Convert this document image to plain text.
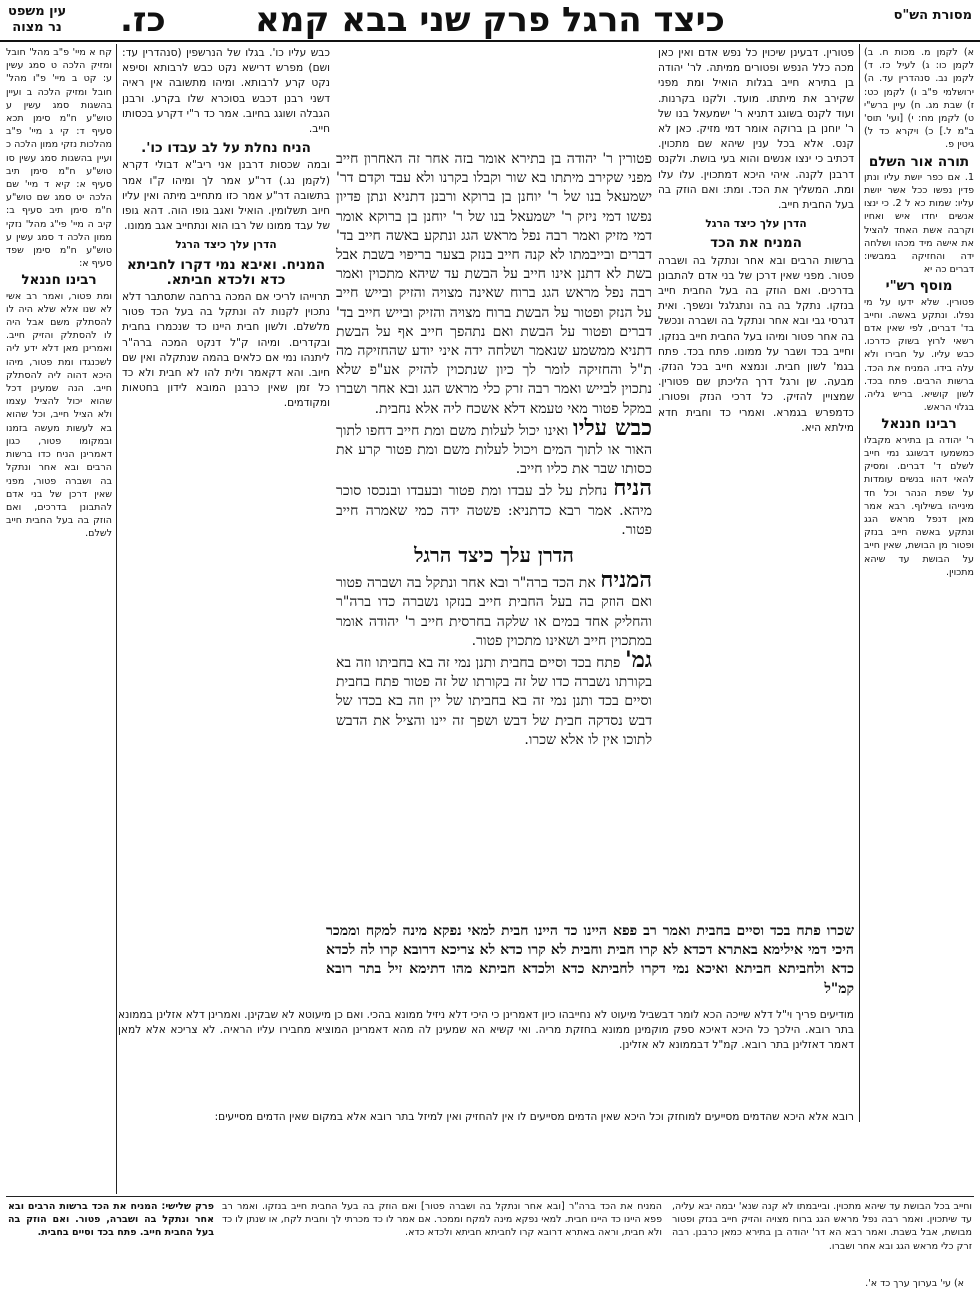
מסורת הש"ס
כיצד הרגל פרק שני בבא קמא
כז.
עין משפט
נר מצוה
א) לקמן מ. מכות ח. ב) לקמן כו: ג) לעיל כז. ד) לקמן נב. סנהדרין עד. ה) ירושלמי פ"ב ו) לקמן כט: ז) שבת מג. ח) עיין ברש"י ט) לקמן מח: י) [ועי' תוס' ב"מ ל.] כ) ויקרא כד ל) גיטין פ.
תורה אור השלם
1. אם כפר יושת עליו ונתן פדין נפשו ככל אשר יושת עליו: שמות כא ל 2. כי ינצו אנשים יחדו איש ואחיו וקרבה אשת האחד להציל את אישה מיד מכהו ושלחה ידה והחזיקה במבשיו: דברים כה יא
מוסף רש"י
פטורין. שלא ידעו על מי נפלו. ונתקע באשה. וחייב בד' דברים, לפי שאין אדם רשאי לרוץ בשוק כדרכו. כבש עליו. על חבירו ולא עלה בידו. המניח את הכד. ברשות הרבים. פתח בכד. לשון קושיא. בריש גליה. בגלוי הראש.
רבינו חננאל
ר' יהודה בן בתירא מקבלו כמשמעו דבשוגג נמי חייב לשלם ד' דברים. ומסיק להאי דהוו בנשים עומדות על שפת הנהר וכל חד מינייהו בשילוף. רבא אמר מאן דנפל מראש הגג ונתקע באשה חייב בנזק ופטור מן הבושת, שאין חייב על הבושת עד שיהא מתכוין.
קח א מיי' פ"ב מהל' חובל ומזיק הלכה ט סמג עשין ע: קט ב מיי' פ"ו מהל' חובל ומזיק הלכה ב ועיין בהשגות סמג עשין ע טוש"ע ח"מ סימן תכא סעיף ד: קי ג מיי' פ"ב מהלכות נזקי ממון הלכה כ ועיין בהשגות סמג עשין סו טוש"ע ח"מ סימן תיב סעיף א: קיא ד מיי' שם הלכה יט סמג שם טוש"ע ח"מ סימן תיב סעיף ב: קיב ה מיי' פי"ג מהל' נזקי ממון הלכה ד סמג עשין ע טוש"ע ח"מ סימן שפד סעיף א:
רבינו חננאל
ומת פטור, ואמר רב אשי לא שנו אלא שלא היה לו להסתלק משם אבל היה לו להסתלק והזיק חייב. ואמרינן מאן דלא ידע ליה לשכנגדו ומת פטור, מיהו היכא דהוה ליה להסתלק חייב. הנה שמעינן דכל שהוא יכול להציל עצמו ולא הציל חייב, וכל שהוא בא לעשות מעשה בזמנו ובמקומו פטור, כגון דאמרינן הניח כדו ברשות הרבים ובא אחר ונתקל בה ושברה פטור, מפני שאין דרכן של בני אדם להתבונן בדרכים, ואם הוזק בה בעל החבית חייב לשלם.
פטורין. דבעינן שיכוין כל נפש אדם ואין כאן מכה כלל הנפש ופטורים ממיתה. לר' יהודה בן בתירא חייב בגלות הואיל ומת מפני שקירב את מיתתו. מועד. ולקנו בקרנות. ועוד לקנס בשוגג דתניא ר' ישמעאל בנו של ר' יוחנן בן ברוקה אומר דמי מזיק. כאן לא קנס. אלא בכל ענין שיהא שם מתכוין. דכתיב כי ינצו אנשים והוא בעי בושת. ולקנס דרבנן לקנה. איהי היכא דמתכוין. עלו עלו ומת. המשליך את הכד. ומת: ואם הוזק בה בעל החבית חייב.
הדרן עלך כיצד הרגל
המניח את הכד
ברשות הרבים ובא אחר ונתקל בה ושברה פטור. מפני שאין דרכן של בני אדם להתבונן בדרכים. ואם הוזק בה בעל החבית חייב בנזקו. נתקל בה בה ונתגלגל ונשפך. ואית דגרסי גבי ובא אחר ונתקל בה ושברה ונכשל בה אחר פטור ומיהו בעל החבית חייב בנזקו. וחייב בכד ושבר על ממונו. פתח בכד. פתח בגמ' לשון חבית. ונמצא חייב בכל הנזק. מבעה. שן ורגל דרך הליכתן שם פטורין. שמצויין להזיק. כל דרכי הנזק ופטורו. כדמפרש בגמרא. ואמרי כד וחבית חדא מילתא היא.
כבש עליו כו'. בגלו של הנרשפין (סנהדרין עד: ושם) מפרש דרישא נקט כבש לרבותא וסיפא נקט קרע לרבותא. ומיהו מתשובה אין ראיה דשני רבנן דכבש בסוכרא שלו בקרע. ורבנן הגבלה ושוגג בחיוב. אמר כד ר"י דקרע בכסותו חייב.
הניח נחלת על לב עבדו כו'.
ובמה שכסות דרבנן אני ריב"א דבולי דקרא (לקמן נג.) דר"ע אמר לך ומיהו ק"ו אמר בתשובה דר"ע אמר כזו מתחייב מיתה ואין עליו חיוב תשלומין. הואיל ואגב גופו הוה. דהא גופו של עבד ממונו של רבו הוא ונתחייב אגב ממונו.
הדרן עלך כיצד הרגל
המניח. ואיבא נמי דקרו לחביתא כדא ולכדא חביתא.
תרוייהו לריכי אם המכה ברחבה שתסתבר דלא נתכוין לקנות לה ונתקל בה בעל הכד פטור מלשלם. ולשון חבית היינו כד שנכמרו בחבית ובקדרים. ומיהו ק"ל דנקט המכה ברה"ר ליתנהו נמי אם כלאים בהמה שנתקלה ואין שם חיוב. והא דקאמר ולית להו לא חבית ולא כד כל זמן שאין כרבנן המובא לידון בחטאות ומקודמים.
פטורין ר' יהודה בן בתירא אומר בזה אחר זה האחרון חייב מפני שקירב מיתתו בא שור וקבלו בקרנו ולא עבד וקדם דר' ישמעאל בנו של ר' יוחנן בן ברוקא ורבנן דתניא ונתן פדיון נפשו דמי ניזק ר' ישמעאל בנו של ר' יוחנן בן ברוקא אומר דמי מזיק ואמר רבה נפל מראש הגג ונתקע באשה חייב בד' דברים ובייבמתו לא קנה חייב בנזק בצער בריפוי בשבת אבל בשת לא דתנן אינו חייב על הבשת עד שיהא מתכוין ואמר רבה נפל מראש הגג ברוח שאינה מצויה והזיק ובייש חייב על הנזק ופטור על הבשת ברוח מצויה והזיק ובייש חייב בד' דברים ופטור על הבשת ואם נתהפך חייב אף על הבשת דתניא ממשמע שנאמר ושלחה ידה איני יודע שהחזיקה מה ת"ל והחזיקה לומר לך כיון שנתכוין להזיק אע"פ שלא נתכוין לבייש ואמר רבה זרק כלי מראש הגג ובא אחר ושברו במקל פטור מאי טעמא דלא אשכח ליה אלא נחבית.
כבש עליו ואינו יכול לעלות משם ומת חייב דחפו לתוך האור או לתוך המים ויכול לעלות משם ומת פטור קרע את כסותו שבר את כליו חייב.
הניח נחלת על לב עבדו ומת פטור ובעבדו ובנכסו סוכר מיהא. אמר רבא כדתניא: פשטה ידה כמי שאמרה חייב פטור.
הדרן עלך כיצד הרגל
המניח את הכד ברה"ר ובא אחר ונתקל בה ושברה פטור ואם הוזק בה בעל החבית חייב בנזקו נשברה כדו ברה"ר והחליק אחד במים או שלקה בחרסית חייב ר' יהודה אומר במתכוין חייב ושאינו מתכוין פטור.
גמ' פתח בכד וסיים בחבית ותנן נמי זה בא בחביתו וזה בא בקורתו נשברה כדו של זה בקורתו של זה פטור פתח בחבית וסיים בכד ותנן נמי זה בא בחביתו של יין וזה בא בכדו של דבש נסדקה חבית של דבש ושפך זה יינו והציל את הדבש לתוכו אין לו אלא שכרו.
שכרו פתח בכד וסיים בחבית ואמר רב פפא היינו כד היינו חבית למאי נפקא מינה למקח וממכר היכי דמי אילימא באתרא דכדא לא קרו חבית וחבית לא קרו כדא לא צריכא דרובא קרו לה לכדא כדא ולחביתא חביתא ואיכא נמי דקרו לחביתא כדא ולכדא חביתא מהו דתימא זיל בתר רובא קמ"ל
מודיעים פריך וי"ל דלא שייכה הכא לומר דבשביל מיעוט לא נחייבהו כיון דאמרינן כי היכי דלא ניזיל ממונא בהכי. ואם כן מיעוטא לא שבקינן. ואמרינן דלא אזלינן בממונא בתר רובא. הילכך כל היכא דאיכא ספק מוקמינן ממונא בחזקת מריה. ואי קשיא הא שמעינן לה מהא דאמרינן המוציא מחבירו עליו הראיה. לא צריכא אלא למאן דאמר דאזלינן בתר רובא. קמ"ל דבממונא לא אזלינן.
רובא אלא היכא שהדמים מסייעים למוחזק וכל היכא שאין הדמים מסייעים לו אין להחזיק ואין למיזל בתר רובא אלא במקום שאין הדמים מסייעים:
וחייב בכל הבושת עד שיהא מתכוין. ובייבמתו לא קנה שנא' יבמה יבא עליה, עד שיתכוין. ואמר רבה נפל מראש הגג ברוח מצויה והזיק חייב בנזק ופטור מבושת, אבל בשבת. ואמר רבא הא דר' יהודה בן בתירא כמאן כרבנן. רבה זרק כלי מראש הגג ובא אחר ושברו.
המניח את הכד ברה"ר [ובא אחר ונתקל בה ושברה פטור] ואם הוזק בה בעל החבית חייב בנזקו. ואמר רב פפא היינו כד היינו חבית. למאי נפקא מינה למקח וממכר. אם אמר לו כד מכרתי לך וחבית לקח, או שנתן לו כד ולא חבית, וראה באתרא דרובא קרו לחביתא חביתא ולכדא כדא.
פרק שלישי: המניח את הכד ברשות הרבים ובא אחר ונתקל בה ושברה, פטור. ואם הוזק בה בעל החבית חייב. פתח בכד וסיים בחבית.
א) עי' בערוך ערך כד א'.
